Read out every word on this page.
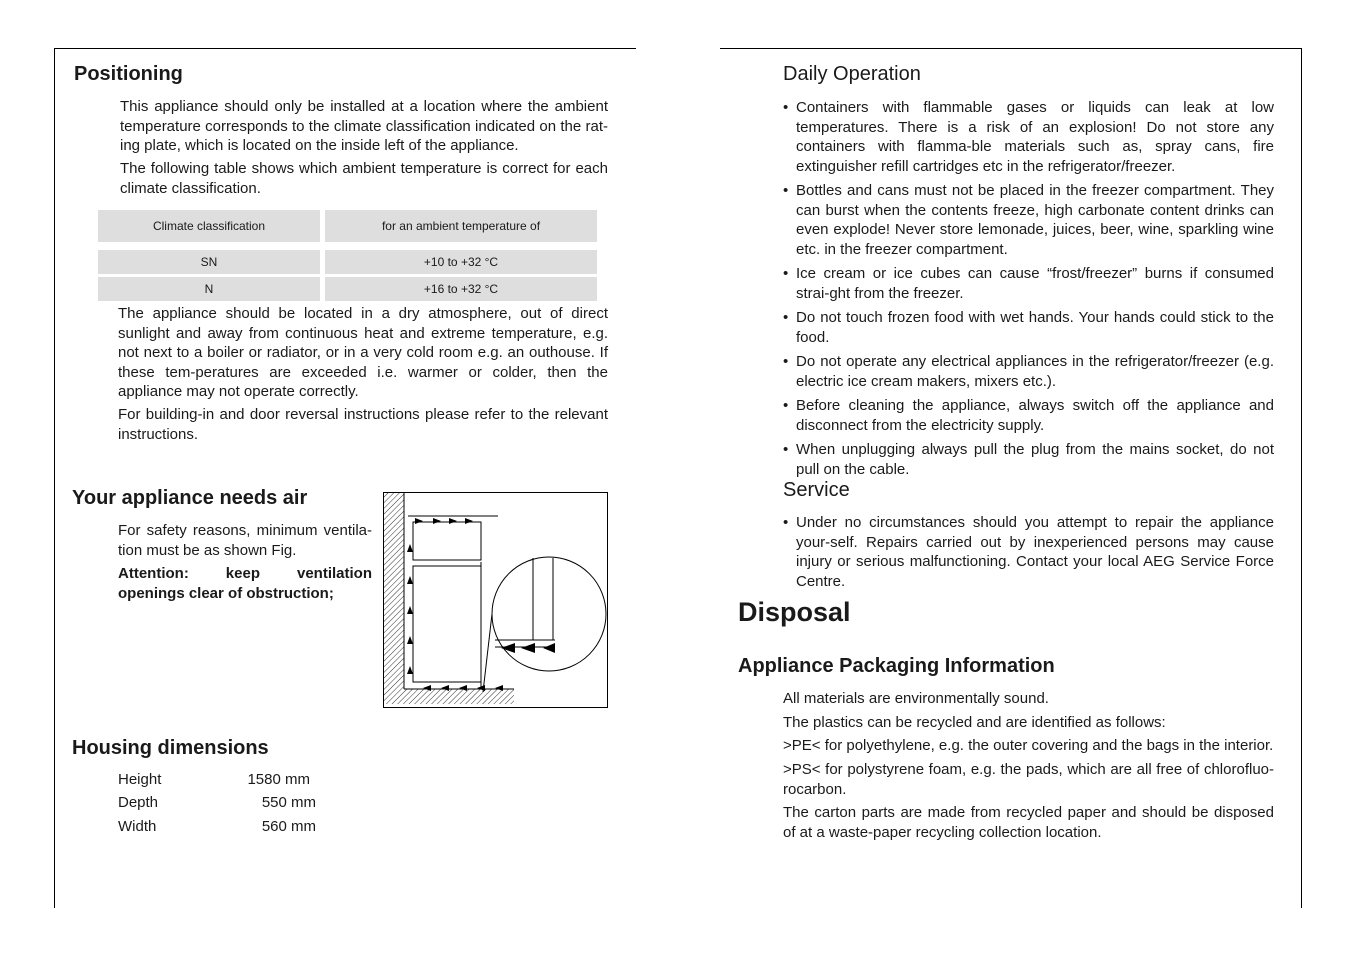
Positioning

This appliance should only be installed at a location where the ambient temperature corresponds to the climate classification indicated on the rat-ing plate, which is located on the inside left of the appliance.

The following table shows which ambient temperature is correct for each climate classification.

Climate classification	for an ambient temperature of

SN	+10 to +32 °C

N	+16 to +32 °C

The appliance should be located in a dry atmosphere, out of direct sunlight and away from continuous heat and extreme temperature, e.g. not next to a boiler or radiator, or in a very cold room e.g. an outhouse. If these tem-peratures are exceeded i.e. warmer or colder, then the appliance may not operate correctly.

For building-in and door reversal instructions please refer to the relevant instructions.

Your appliance needs air

For safety reasons, minimum ventila-tion must be as shown Fig.

Attention: keep ventilation openings clear of obstruction;

Housing dimensions
Height	1580 mm
Depth	550 mm
Width	560 mm
Daily Operation
• Containers with flammable gases or liquids can leak at low temperatures. There is a risk of an explosion! Do not store any containers with flamma-ble materials such as, spray cans, fire extinguisher refill cartridges etc in the refrigerator/freezer.
• Bottles and cans must not be placed in the freezer compartment. They can burst when the contents freeze, high carbonate content drinks can even explode! Never store lemonade, juices, beer, wine, sparkling wine etc. in the freezer compartment.
• Ice cream or ice cubes can cause “frost/freezer” burns if consumed strai-ght from the freezer.
• Do not touch frozen food with wet hands. Your hands could stick to the food.
• Do not operate any electrical appliances in the refrigerator/freezer (e.g. electric ice cream makers, mixers etc.).
• Before cleaning the appliance, always switch off the appliance and disconnect from the electricity supply.
• When unplugging always pull the plug from the mains socket, do not pull on the cable.
Service
• Under no circumstances should you attempt to repair the appliance your-self. Repairs carried out by inexperienced persons may cause injury or serious malfunctioning. Contact your local AEG Service Force Centre.
Disposal
Appliance Packaging Information

All materials are environmentally sound.

The plastics can be recycled and are identified as follows:

>PE< for polyethylene, e.g. the outer covering and the bags in the interior.

>PS< for polystyrene foam, e.g. the pads, which are all free of chlorofluo-rocarbon.

The carton parts are made from recycled paper and should be disposed of at a waste-paper recycling collection location.
